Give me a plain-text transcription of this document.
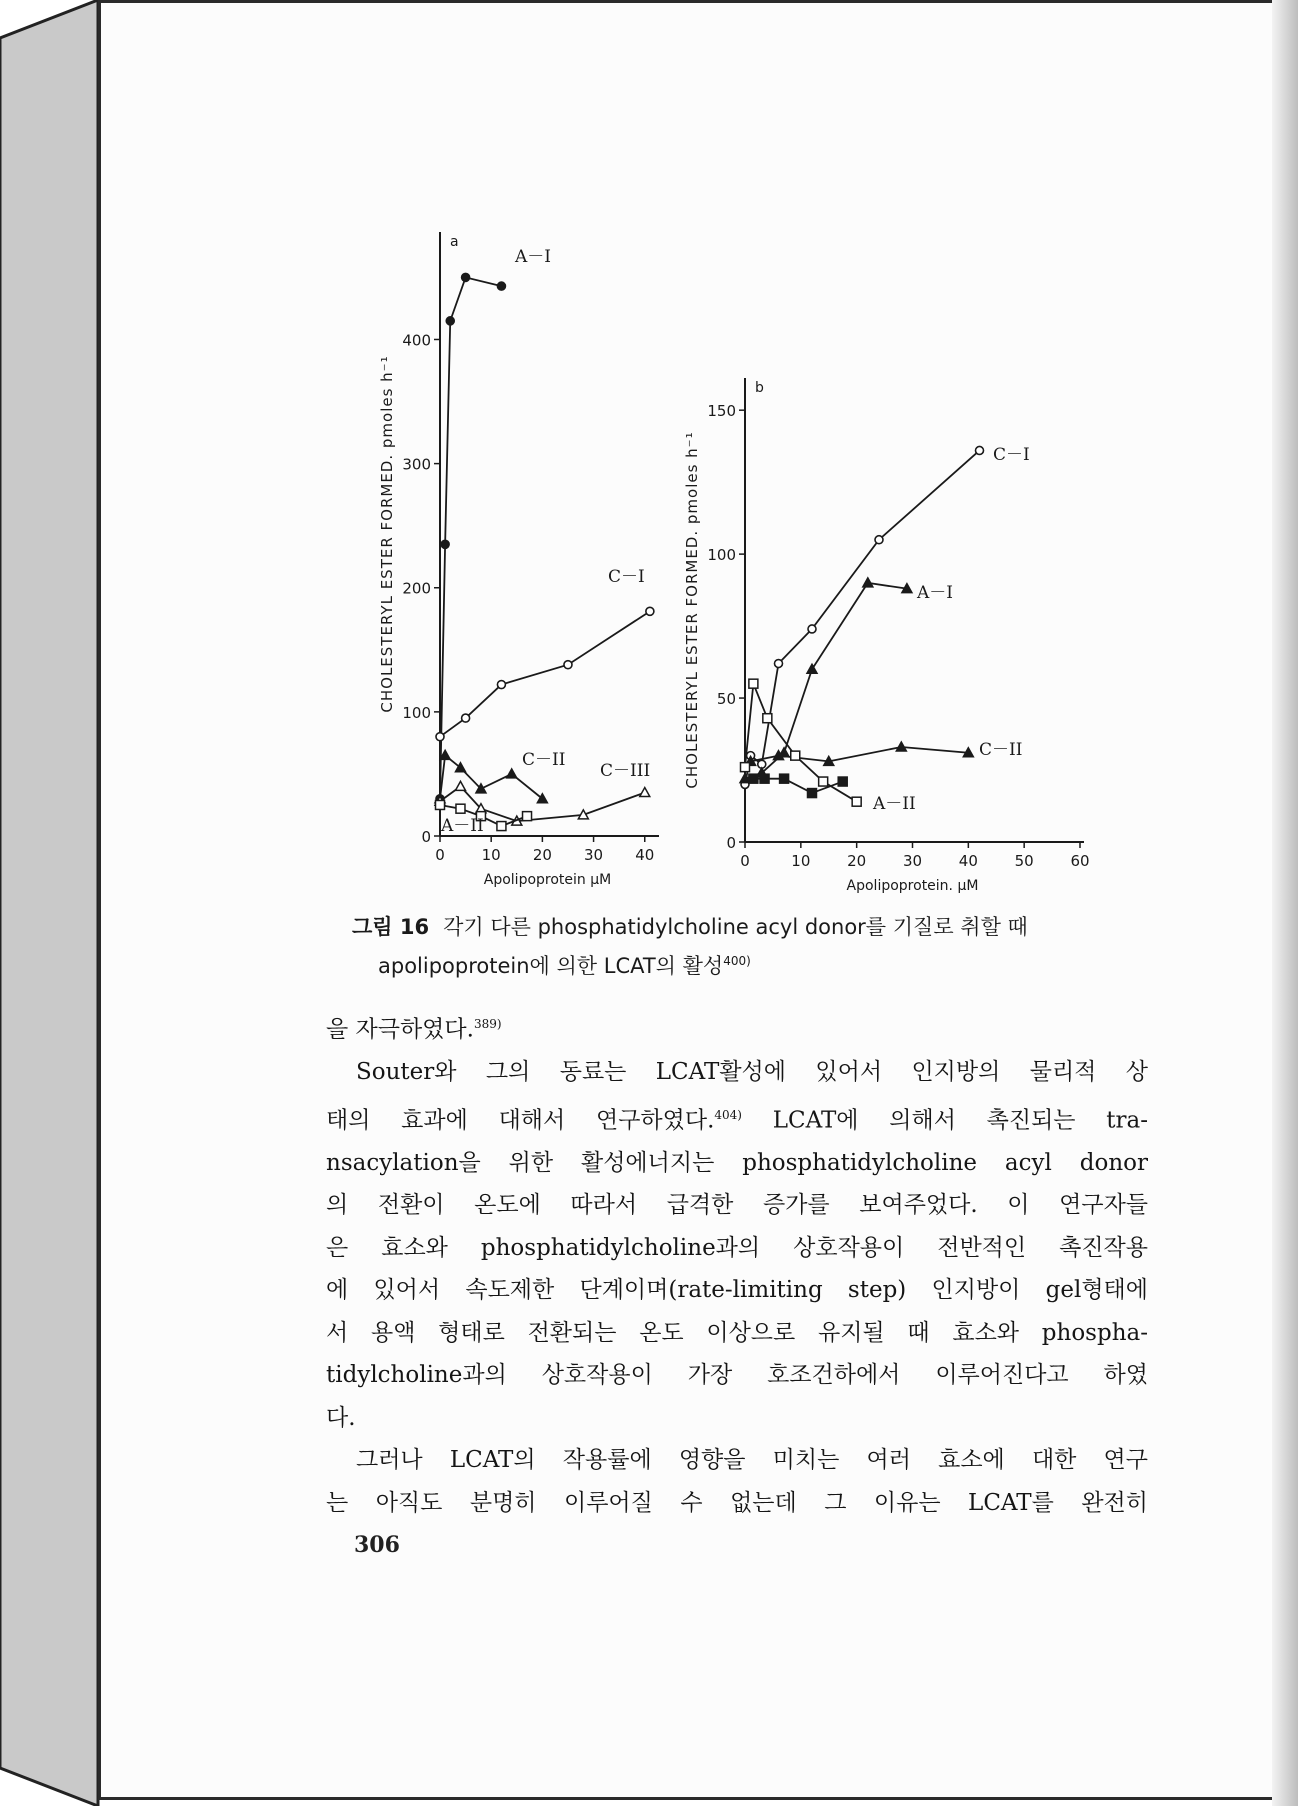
0
100
200
300
400
0 10 20 30 40
a
Apolipoprotein μM
CHOLESTERYL ESTER FORMED. pmoles h⁻¹
A－I
C－I
C－II
C－III
A－II
0
50
100
150
0	10 20 30 40 50 60
b
Apolipoprotein. μM
CHOLESTERYL ESTER FORMED. pmoles h⁻¹	C－I
A－I
C－II
A－II
그림 16 각기 다른 phosphatidylcholine acyl donor를 기질로 취할 때
apolipoprotein에 의한 LCAT의 활성$^{400)}$

을 자극하였다.$^{389)}$

Souter와 그의 동료는 LCAT활성에 있어서 인지방의 물리적 상

태의 효과에 대해서 연구하였다.$^{404)}$ LCAT에 의해서 촉진되는 tra-

nsacylation을 위한 활성에너지는 phosphatidylcholine acyl donor

의 전환이 온도에 따라서 급격한 증가를 보여주었다. 이 연구자들

은 효소와 phosphatidylcholine과의 상호작용이 전반적인 촉진작용

에 있어서 속도제한 단계이며(rate-limiting step) 인지방이 gel형태에

서 용액 형태로 전환되는 온도 이상으로 유지될 때 효소와 phospha-

tidylcholine과의 상호작용이 가장 호조건하에서 이루어진다고 하였

다.

그러나 LCAT의 작용률에 영향을 미치는 여러 효소에 대한 연구

는 아직도 분명히 이루어질 수 없는데 그 이유는 LCAT를 완전히

306
